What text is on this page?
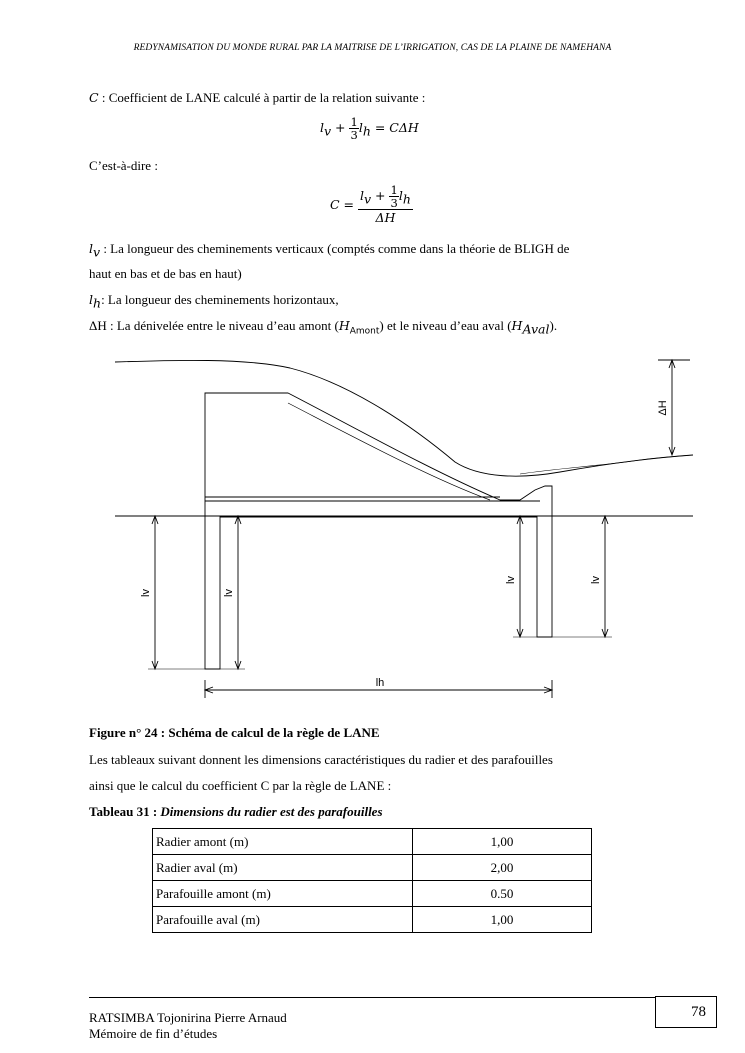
REDYNAMISATION DU MONDE RURAL PAR LA MAITRISE DE L’IRRIGATION, CAS DE LA PLAINE DE NAMEHANA
C : Coefficient de LANE calculé à partir de la relation suivante :
$l_v + \frac{1}{3} l_h = C\Delta H$
C’est-à-dire :
$C = \frac{l_v + \frac{1}{3} l_h}{\Delta H}$
$l_v$ : La longueur des cheminements verticaux (comptés comme dans la théorie de BLIGH de
haut en bas et de bas en haut)
$l_h$: La longueur des cheminements horizontaux,
ΔH : La dénivelée entre le niveau d’eau amont $(H_{Amont})$ et le niveau d’eau aval $(H_{Aval})$.
ΔH
lv	lv
lv	lv
lh
Figure n° 24 : Schéma de calcul de la règle de LANE
Les tableaux suivant donnent les dimensions caractéristiques du radier et des parafouilles
ainsi que le calcul du coefficient C par la règle de LANE :
Tableau 31 : Dimensions du radier est des parafouilles
Radier amont (m)	1,00
Radier aval (m)	2,00
Parafouille amont (m)	0.50
Parafouille aval (m)	1,00
RATSIMBA Tojonirina Pierre Arnaud
Mémoire de fin d’études
78
